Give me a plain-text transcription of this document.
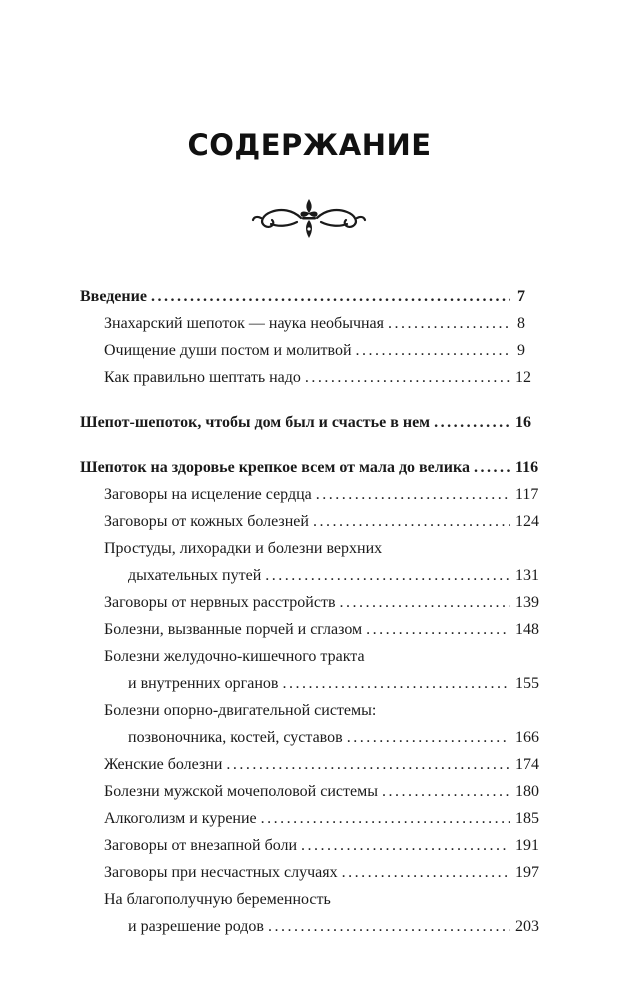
СОДЕРЖАНИЕ
Введение .....	7
Знахарский шепоток — наука необычная .....	8
Очищение души постом и молитвой .....	9
Как правильно шептать надо .....	12
Шепот-шепоток, чтобы дом был и счастье в нем .....	16
Шепоток на здоровье крепкое всем от мала до велика .....	116
Заговоры на исцеление сердца .....	117
Заговоры от кожных болезней .....	124
Простуды, лихорадки и болезни верхних
дыхательных путей .....	131
Заговоры от нервных расстройств .....	139
Болезни, вызванные порчей и сглазом .....	148
Болезни желудочно-кишечного тракта
и внутренних органов .....	155
Болезни опорно-двигательной системы:
позвоночника, костей, суставов .....	166
Женские болезни .....	174
Болезни мужской мочеполовой системы .....	180
Алкоголизм и курение .....	185
Заговоры от внезапной боли .....	191
Заговоры при несчастных случаях .....	197
На благополучную беременность
и разрешение родов .....	203
